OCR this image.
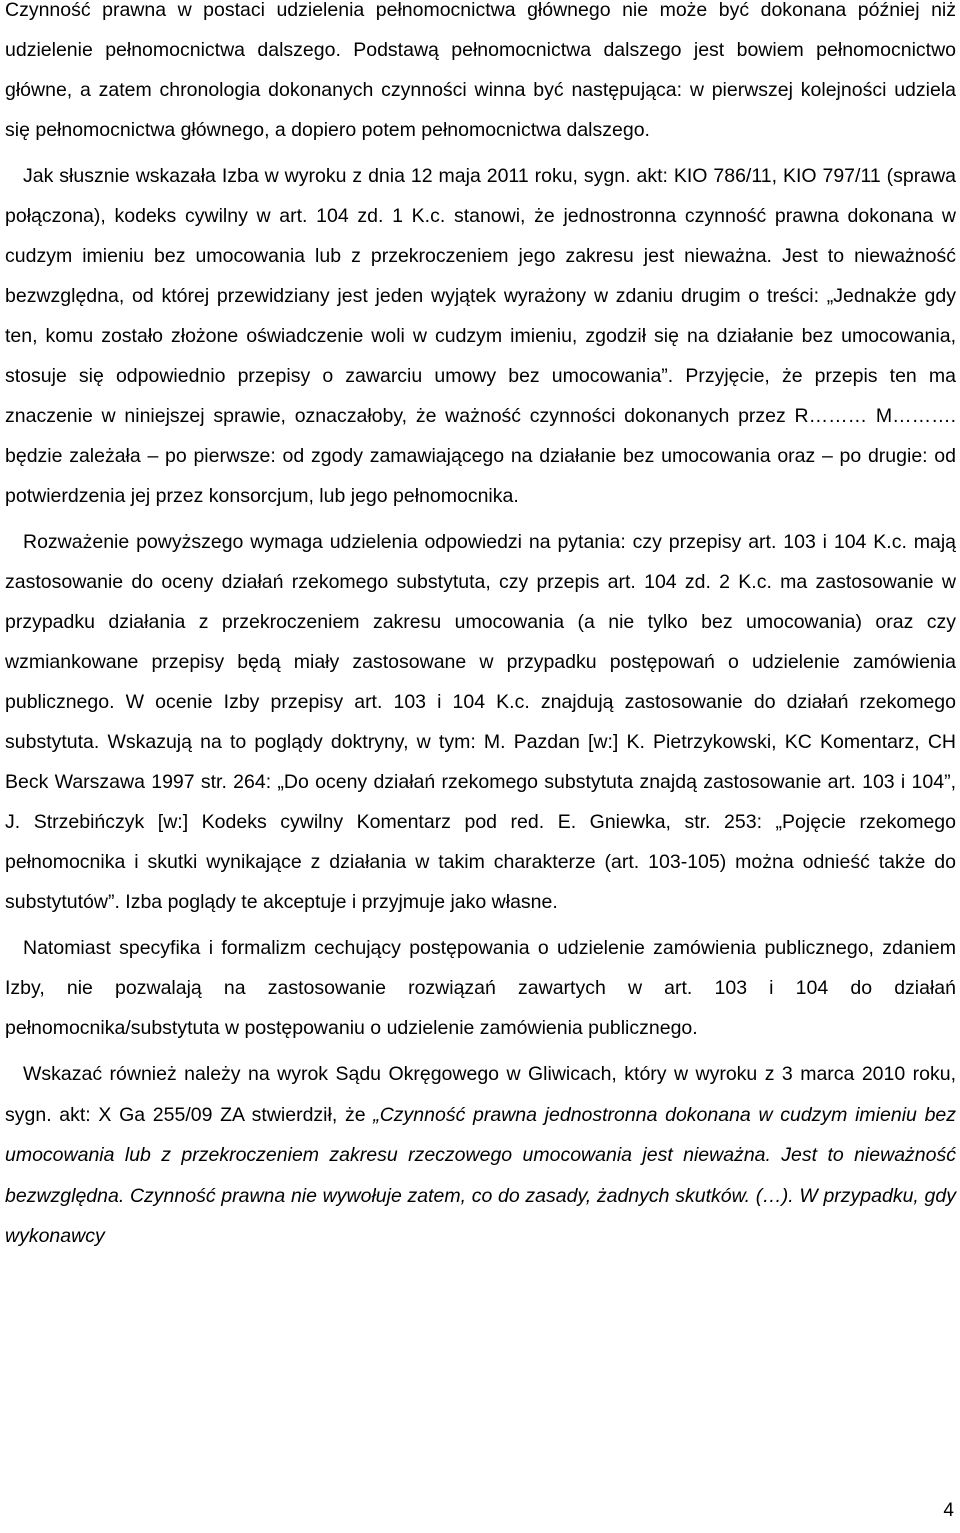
Czynność prawna w postaci udzielenia pełnomocnictwa głównego nie może być dokonana później niż udzielenie pełnomocnictwa dalszego. Podstawą pełnomocnictwa dalszego jest bowiem pełnomocnictwo główne, a zatem chronologia dokonanych czynności winna być następująca: w pierwszej kolejności udziela się pełnomocnictwa głównego, a dopiero potem pełnomocnictwa dalszego.

Jak słusznie wskazała Izba w wyroku z dnia 12 maja 2011 roku, sygn. akt: KIO 786/11, KIO 797/11 (sprawa połączona), kodeks cywilny w art. 104 zd. 1 K.c. stanowi, że jednostronna czynność prawna dokonana w cudzym imieniu bez umocowania lub z przekroczeniem jego zakresu jest nieważna. Jest to nieważność bezwzględna, od której przewidziany jest jeden wyjątek wyrażony w zdaniu drugim o treści: „Jednakże gdy ten, komu zostało złożone oświadczenie woli w cudzym imieniu, zgodził się na działanie bez umocowania, stosuje się odpowiednio przepisy o zawarciu umowy bez umocowania”. Przyjęcie, że przepis ten ma znaczenie w niniejszej sprawie, oznaczałoby, że ważność czynności dokonanych przez R……… M………. będzie zależała – po pierwsze: od zgody zamawiającego na działanie bez umocowania oraz – po drugie: od potwierdzenia jej przez konsorcjum, lub jego pełnomocnika.

Rozważenie powyższego wymaga udzielenia odpowiedzi na pytania: czy przepisy art. 103 i 104 K.c. mają zastosowanie do oceny działań rzekomego substytuta, czy przepis art. 104 zd. 2 K.c. ma zastosowanie w przypadku działania z przekroczeniem zakresu umocowania (a nie tylko bez umocowania) oraz czy wzmiankowane przepisy będą miały zastosowane w przypadku postępowań o udzielenie zamówienia publicznego. W ocenie Izby przepisy art. 103 i 104 K.c. znajdują zastosowanie do działań rzekomego substytuta. Wskazują na to poglądy doktryny, w tym: M. Pazdan [w:] K. Pietrzykowski, KC Komentarz, CH Beck Warszawa 1997 str. 264: „Do oceny działań rzekomego substytuta znajdą zastosowanie art. 103 i 104”, J. Strzebińczyk [w:] Kodeks cywilny Komentarz pod red. E. Gniewka, str. 253: „Pojęcie rzekomego pełnomocnika i skutki wynikające z działania w takim charakterze (art. 103-105) można odnieść także do substytutów”. Izba poglądy te akceptuje i przyjmuje jako własne.

Natomiast specyfika i formalizm cechujący postępowania o udzielenie zamówienia publicznego, zdaniem Izby, nie pozwalają na zastosowanie rozwiązań zawartych w art. 103 i 104 do działań pełnomocnika/substytuta w postępowaniu o udzielenie zamówienia publicznego.

Wskazać również należy na wyrok Sądu Okręgowego w Gliwicach, który w wyroku z 3 marca 2010 roku, sygn. akt: X Ga 255/09 ZA stwierdził, że „Czynność prawna jednostronna dokonana w cudzym imieniu bez umocowania lub z przekroczeniem zakresu rzeczowego umocowania jest nieważna. Jest to nieważność bezwzględna. Czynność prawna nie wywołuje zatem, co do zasady, żadnych skutków. (…). W przypadku, gdy wykonawcy

4
